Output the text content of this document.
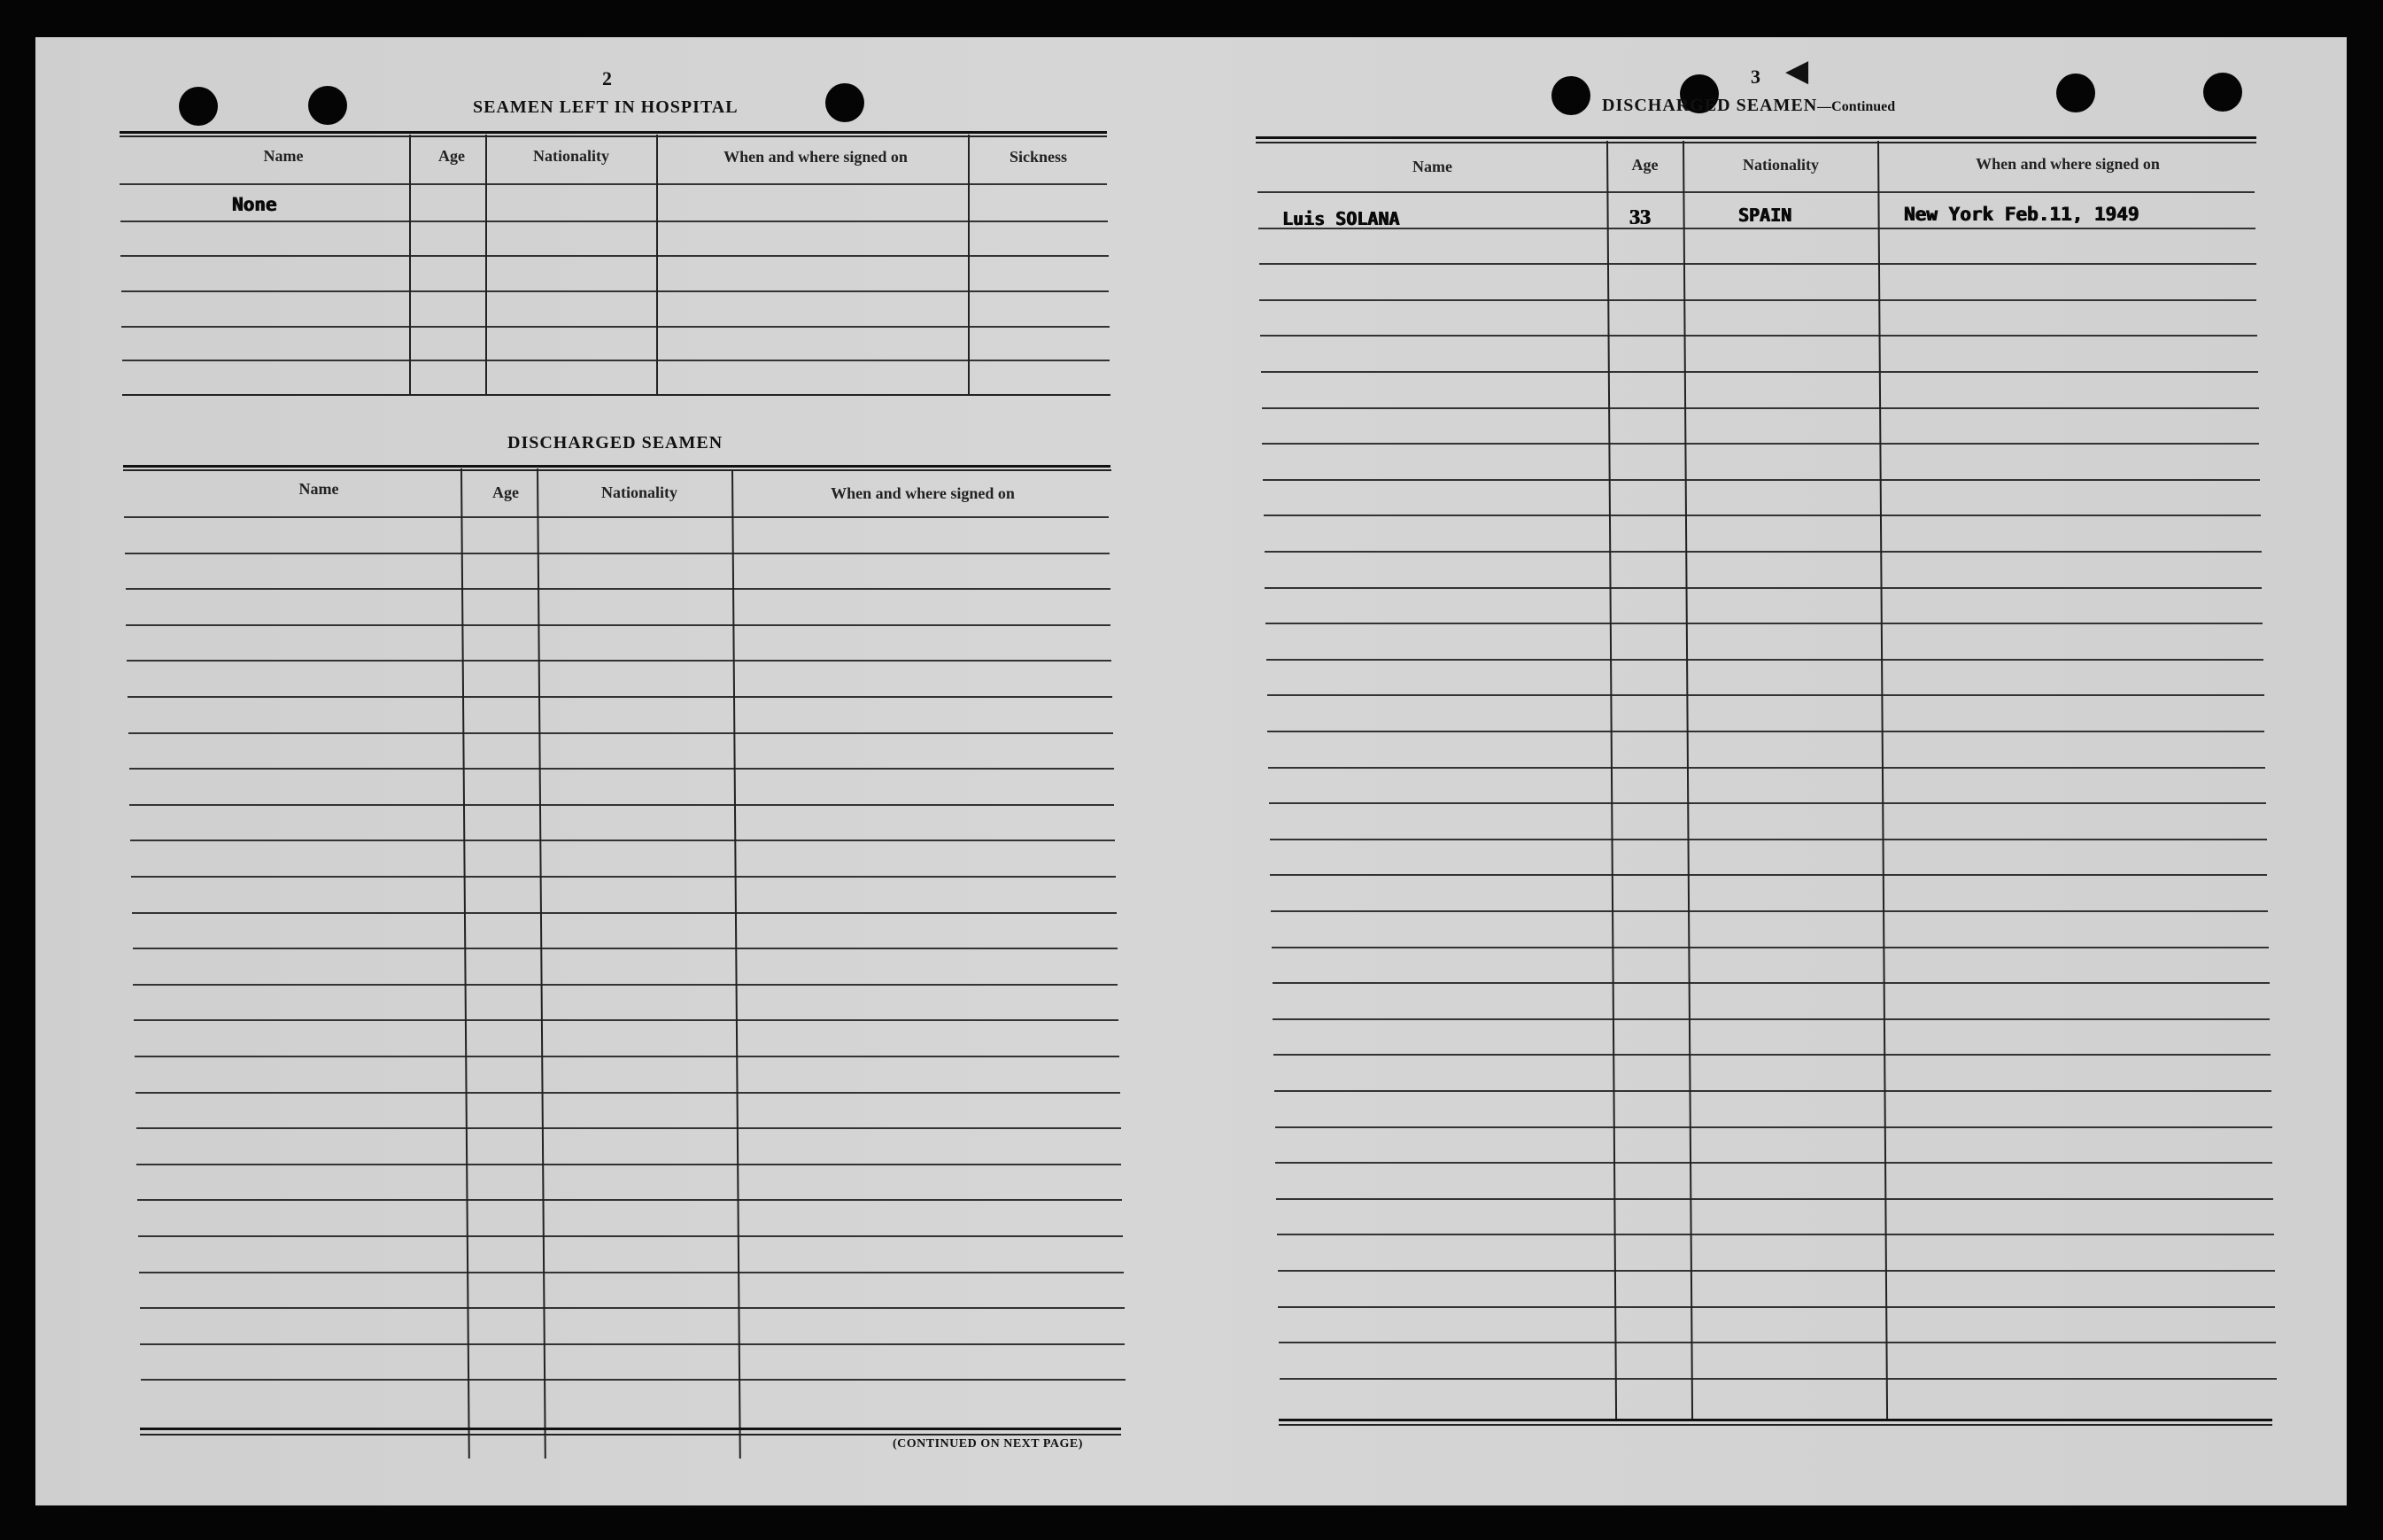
2
SEAMEN LEFT IN HOSPITAL
Name	Age	Nationality	When and where signed on	Sickness
None
DISCHARGED SEAMEN
Name	Age	Nationality	When and where signed on
(CONTINUED ON NEXT PAGE)
3 ◀
DISCHARGED SEAMEN—Continued
Name	Age	Nationality	When and where signed on
Luis SOLANA	33	SPAIN	New York Feb.11, 1949
